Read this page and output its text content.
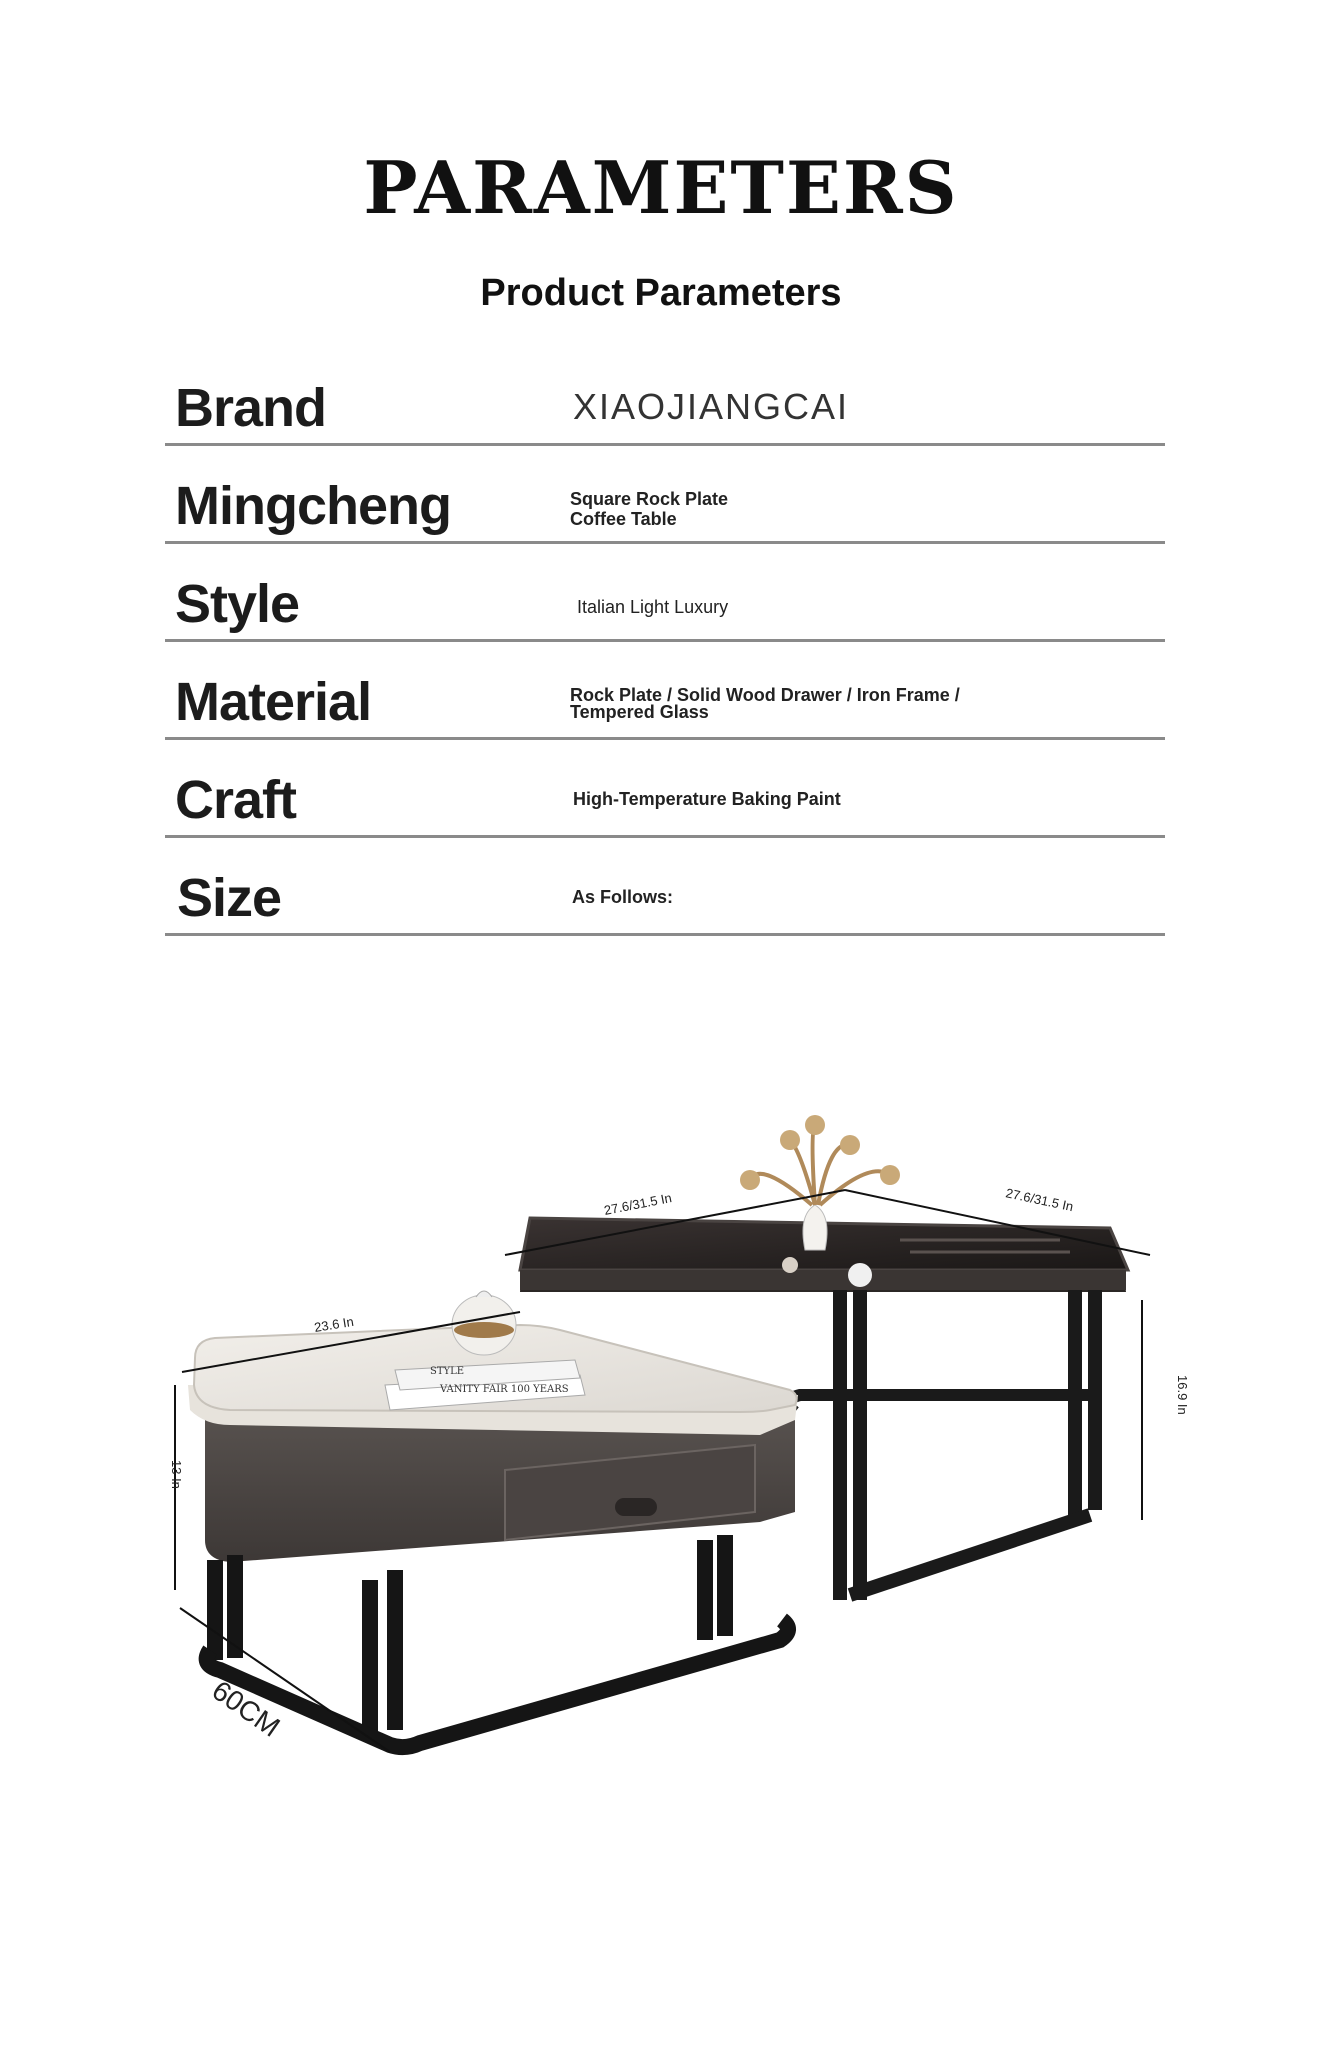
PARAMETERS
Product Parameters
Brand	XIAOJIANGCAI
Mingcheng	Square Rock Plate
Coffee Table
Style	Italian Light Luxury
Material	Rock Plate / Solid Wood Drawer / Iron Frame /
Tempered Glass
Craft	High-Temperature Baking Paint
Size	As Follows:
VANITY FAIR 100 YEARS
STYLE
27.6/31.5 In	27.6/31.5 In
16.9 In
23.6 In
13 In
60CM
